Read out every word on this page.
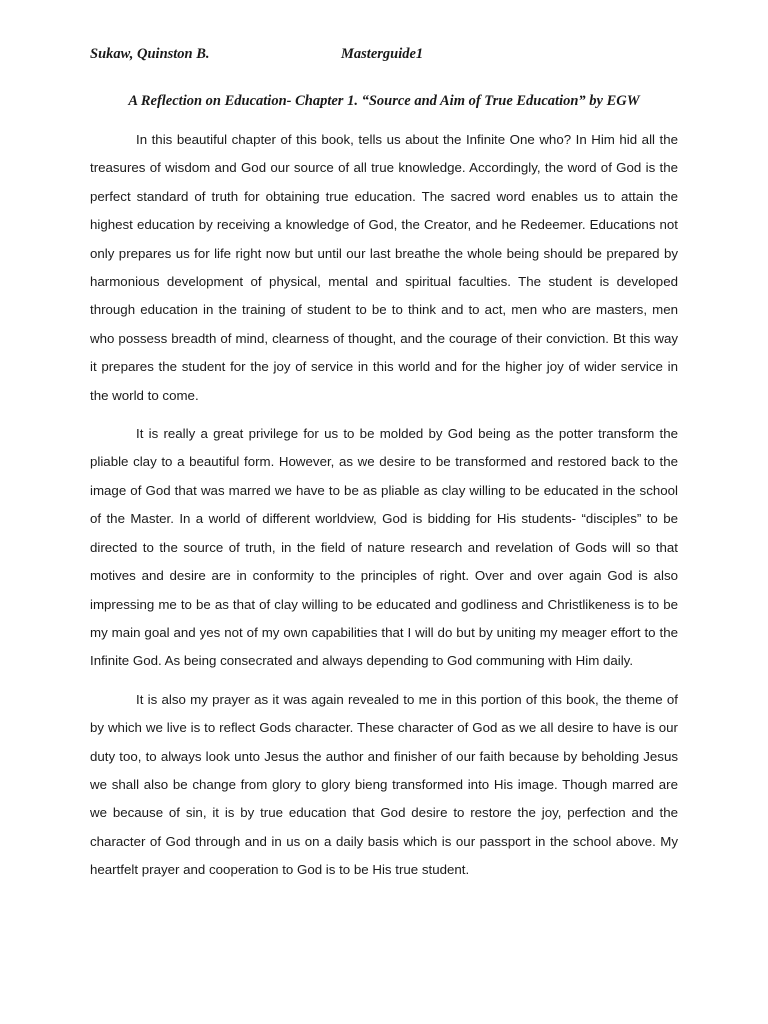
Sukaw, Quinston B.	Masterguide1
A Reflection on Education- Chapter 1. “Source and Aim of True Education” by EGW

In this beautiful chapter of this book, tells us about the Infinite One who? In Him hid all the treasures of wisdom and God our source of all true knowledge. Accordingly, the word of God is the perfect standard of truth for obtaining true education. The sacred word enables us to attain the highest education by receiving a knowledge of God, the Creator, and he Redeemer. Educations not only prepares us for life right now but until our last breathe the whole being should be prepared by harmonious development of physical, mental and spiritual faculties. The student is developed through education in the training of student to be to think and to act, men who are masters, men who possess breadth of mind, clearness of thought, and the courage of their conviction. Bt this way it prepares the student for the joy of service in this world and for the higher joy of wider service in the world to come.

It is really a great privilege for us to be molded by God being as the potter transform the pliable clay to a beautiful form. However, as we desire to be transformed and restored back to the image of God that was marred we have to be as pliable as clay willing to be educated in the school of the Master. In a world of different worldview, God is bidding for His students- “disciples” to be directed to the source of truth, in the field of nature research and revelation of Gods will so that motives and desire are in conformity to the principles of right. Over and over again God is also impressing me to be as that of clay willing to be educated and godliness and Christlikeness is to be my main goal and yes not of my own capabilities that I will do but by uniting my meager effort to the Infinite God. As being consecrated and always depending to God communing with Him daily.

It is also my prayer as it was again revealed to me in this portion of this book, the theme of by which we live is to reflect Gods character. These character of God as we all desire to have is our duty too, to always look unto Jesus the author and finisher of our faith because by beholding Jesus we shall also be change from glory to glory bieng transformed into His image. Though marred are we because of sin, it is by true education that God desire to restore the joy, perfection and the character of God through and in us on a daily basis which is our passport in the school above. My heartfelt prayer and cooperation to God is to be His true student.
